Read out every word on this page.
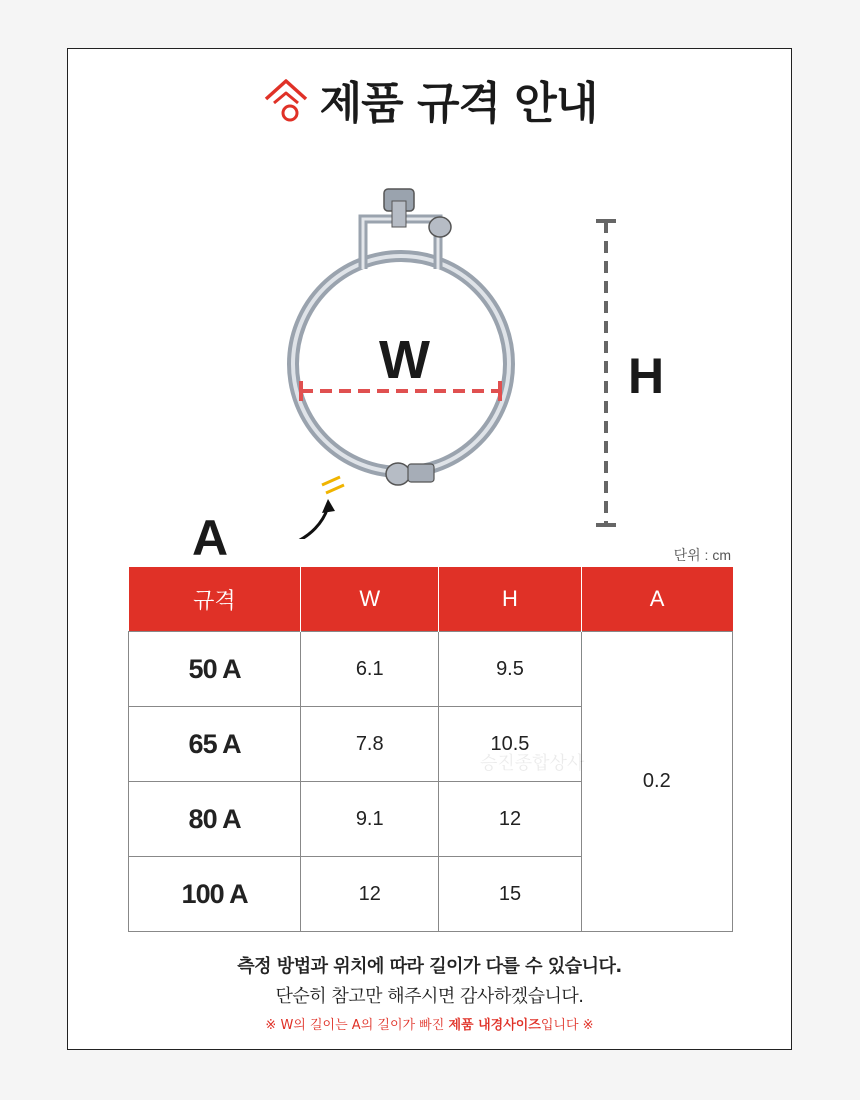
제품 규격 안내
W	H
A	단위 : cm
규격	W	H	A
50 A	6.1	9.5	0.2
65 A	7.8	10.5	
80 A	9.1	12	
100 A	12	15	
승진종합상사
측정 방법과 위치에 따라 길이가 다를 수 있습니다.
단순히 참고만 해주시면 감사하겠습니다.
※ W의 길이는 A의 길이가 빠진 제품 내경사이즈입니다 ※
